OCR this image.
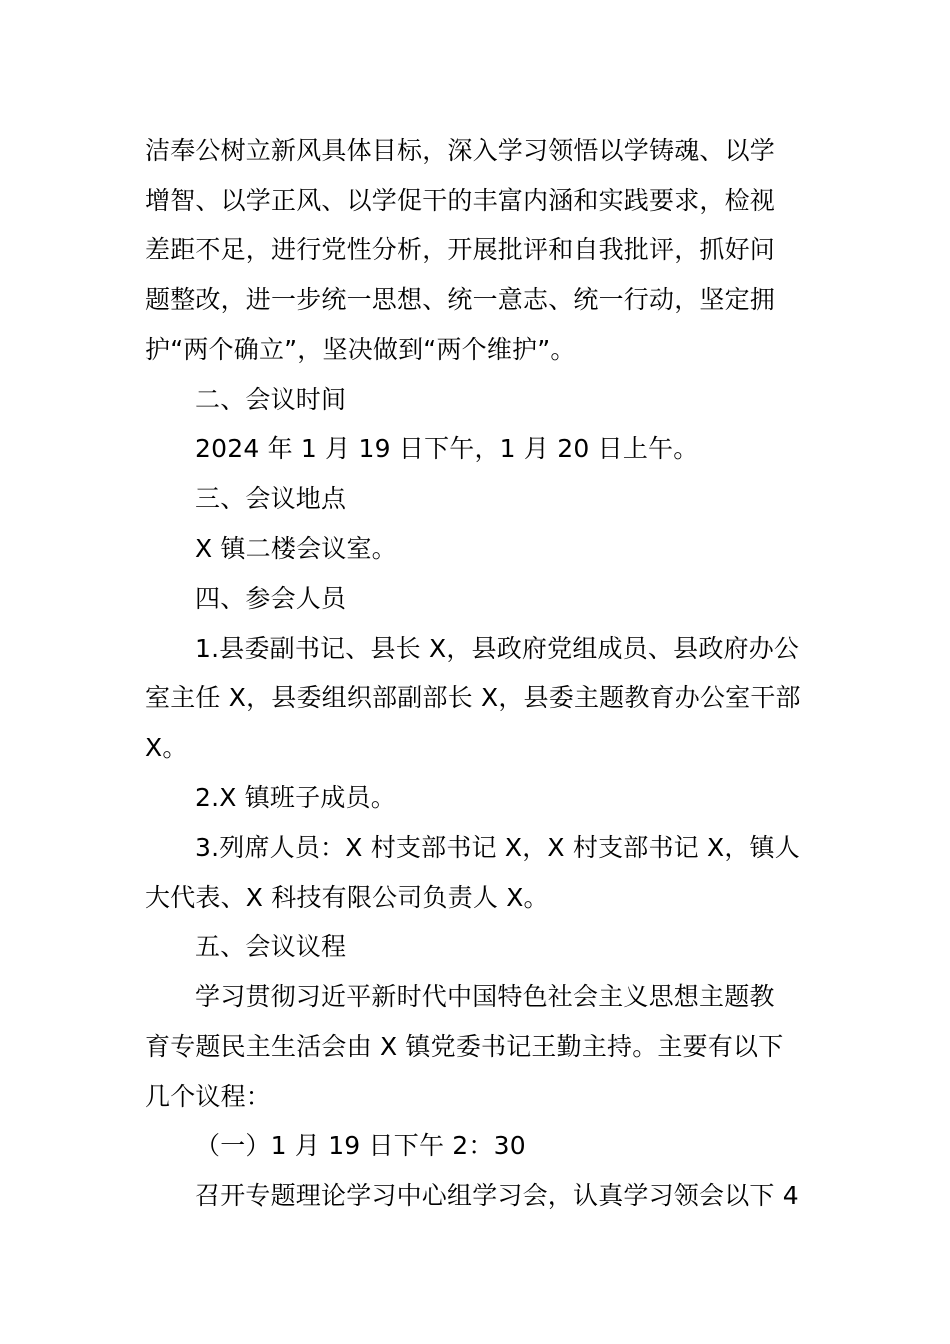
洁奉公树立新风具体目标，深入学习领悟以学铸魂、以学
增智、以学正风、以学促干的丰富内涵和实践要求，检视
差距不足，进行党性分析，开展批评和自我批评，抓好问
题整改，进一步统一思想、统一意志、统一行动，坚定拥
护“两个确立”，坚决做到“两个维护”。
二、会议时间
2024 年 1 月 19 日下午，1 月 20 日上午。
三、会议地点
X 镇二楼会议室。
四、参会人员
1.县委副书记、县长 X，县政府党组成员、县政府办公
室主任 X，县委组织部副部长 X，县委主题教育办公室干部
X。
2.X 镇班子成员。
3.列席人员：X 村支部书记 X，X 村支部书记 X，镇人
大代表、X 科技有限公司负责人 X。
五、会议议程
学习贯彻习近平新时代中国特色社会主义思想主题教
育专题民主生活会由 X 镇党委书记王勤主持。主要有以下
几个议程：
（一）1 月 19 日下午 2：30
召开专题理论学习中心组学习会，认真学习领会以下 4
